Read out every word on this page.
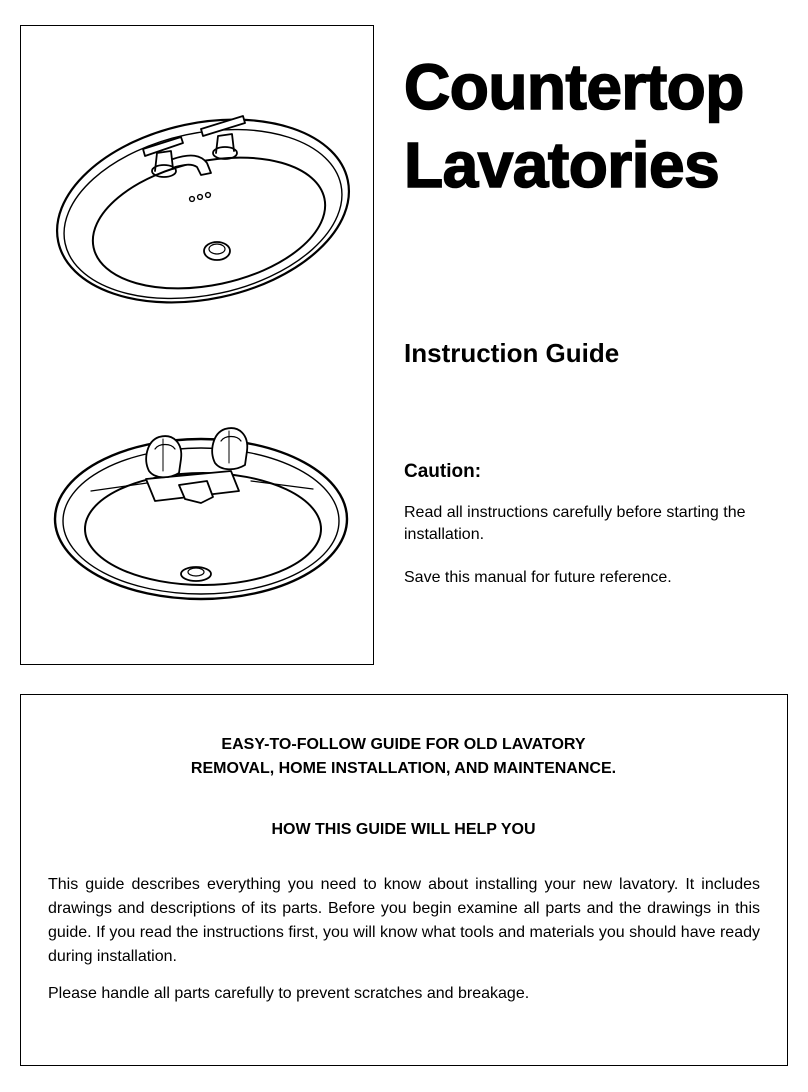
Countertop
Lavatories
Instruction Guide
Caution:

Read all instructions carefully before starting the installation.

Save this manual for future reference.

EASY-TO-FOLLOW GUIDE FOR OLD LAVATORY
REMOVAL, HOME INSTALLATION, AND MAINTENANCE.
HOW THIS GUIDE WILL HELP YOU

This guide describes everything you need to know about installing your new lavatory. It includes drawings and descriptions of its parts. Before you begin examine all parts and the drawings in this guide. If you read the instructions first, you will know what tools and materials you should have ready during installation.

Please handle all parts carefully to prevent scratches and breakage.
